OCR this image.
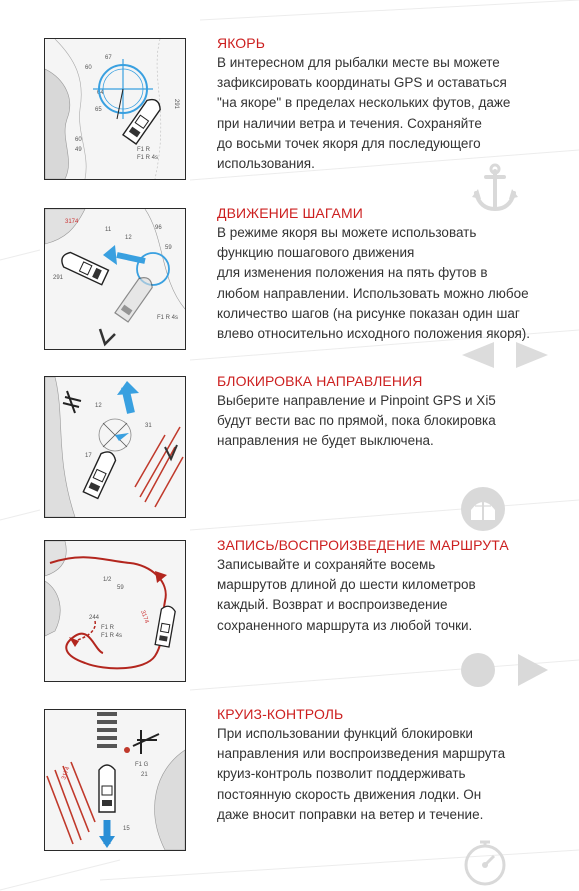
67
64
65
60
49
60
291
F1 R
F1 R 4s

ЯКОРЬ

В интересном для рыбалки месте вы можете
зафиксировать координаты GPS и оставаться
"на якоре" в пределах нескольких футов, даже
при наличии ветра и течения. Сохраняйте
до восьми точек якоря для последующего
использования.

3174
96
59
291
F1 R 4s
11
12

ДВИЖЕНИЕ ШАГАМИ

В режиме якоря вы можете использовать
функцию пошагового движения
для изменения положения на пять футов в
любом направлении. Использовать можно любое
количество шагов (на рисунке показан один шаг
влево относительно исходного положения якоря).

12
17
31

БЛОКИРОВКА НАПРАВЛЕНИЯ

Выберите направление и Pinpoint GPS и Xi5
будут вести вас по прямой, пока блокировка
направления не будет выключена.

1/2
59
244
F1 R
F1 R 4s
3174

ЗАПИСЬ/ВОСПРОИЗВЕДЕНИЕ МАРШРУТА

Записывайте и сохраняйте восемь
маршрутов длиной до шести километров
каждый. Возврат и воспроизведение
сохраненного маршрута из любой точки.

3174
F1 G
21
15

КРУИЗ-КОНТРОЛЬ

При использовании функций блокировки
направления или воспроизведения маршрута
круиз-контроль позволит поддерживать
постоянную скорость движения лодки. Он
даже вносит поправки на ветер и течение.
